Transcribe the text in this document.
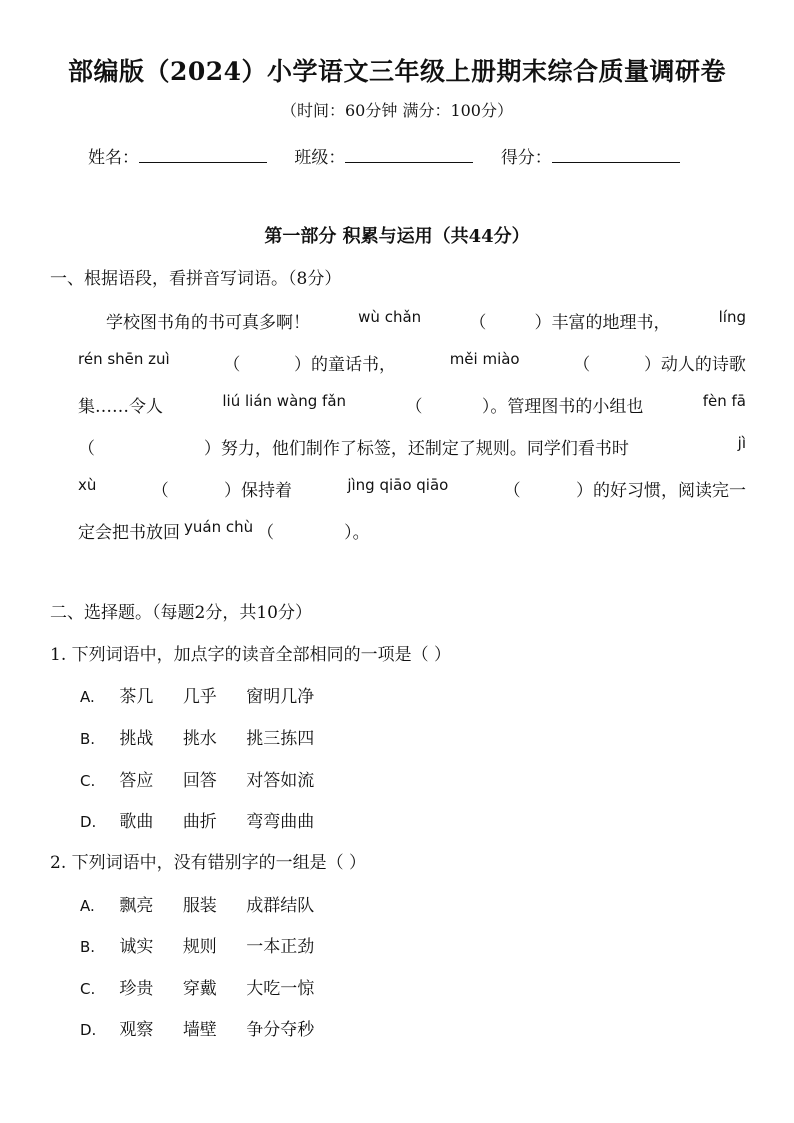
部编版（2024）小学语文三年级上册期末综合质量调研卷
（时间：60分钟 满分：100分）
姓名：	班级：	得分：
第一部分 积累与运用（共44分）
一、根据语段，看拼音写词语。（8分）
学校图书角的书可真多啊！	wù chǎn	（	）丰富的地理书，	líng
rén shēn zuì	（	）的童话书，	měi miào	（	）动人的诗歌
集……令人	liú lián wàng fǎn	（	）。管理图书的小组也	fèn fā
（	）努力，他们制作了标签，还制定了规则。同学们看书时	jì
xù	（	）保持着	jìng qiāo qiāo	（	）的好习惯，阅读完一
定会把书放回 yuán chù （	）。
二、选择题。（每题2分，共10分）
1. 下列词语中，加点字的读音全部相同的一项是（ ）
A. 茶几 几乎 窗明几净
B. 挑战 挑水 挑三拣四
C. 答应 回答 对答如流
D. 歌曲 曲折 弯弯曲曲
2. 下列词语中，没有错别字的一组是（ ）
A. 飘亮 服装 成群结队
B. 诚实 规则 一本正劲
C. 珍贵 穿戴 大吃一惊
D. 观察 墙壁 争分夺秒
